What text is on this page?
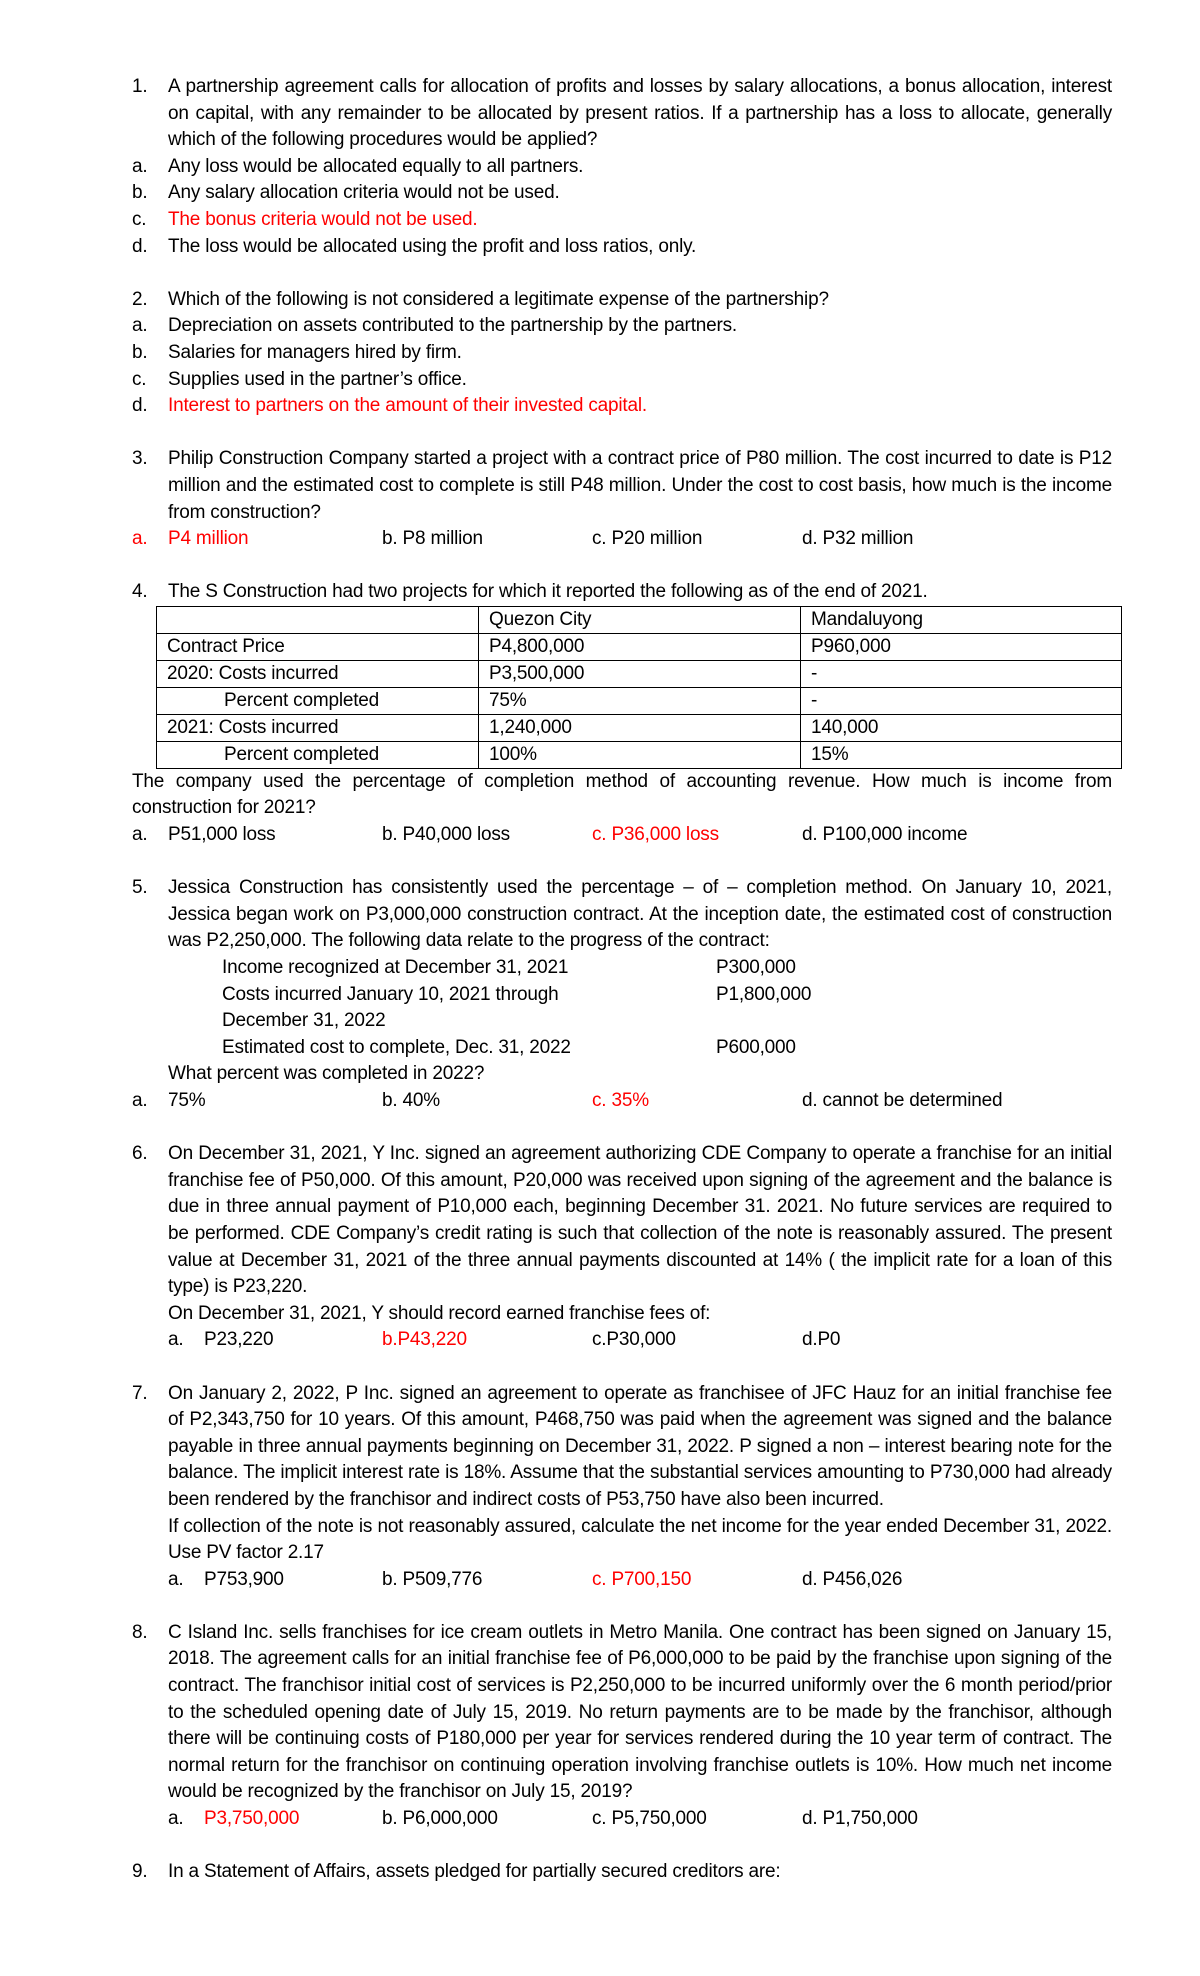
1. A partnership agreement calls for allocation of profits and losses by salary allocations, a bonus allocation, interest on capital, with any remainder to be allocated by present ratios. If a partnership has a loss to allocate, generally which of the following procedures would be applied?
a. Any loss would be allocated equally to all partners.
b. Any salary allocation criteria would not be used.
c. The bonus criteria would not be used.
d. The loss would be allocated using the profit and loss ratios, only.
2. Which of the following is not considered a legitimate expense of the partnership?
a. Depreciation on assets contributed to the partnership by the partners.
b. Salaries for managers hired by firm.
c. Supplies used in the partner’s office.
d. Interest to partners on the amount of their invested capital.
3. Philip Construction Company started a project with a contract price of P80 million. The cost incurred to date is P12 million and the estimated cost to complete is still P48 million. Under the cost to cost basis, how much is the income from construction?
a. P4 million	b. P8 million	c. P20 million	d. P32 million
4. The S Construction had two projects for which it reported the following as of the end of 2021.
	Quezon City	Mandaluyong
Contract Price	P4,800,000	P960,000
2020: Costs incurred	P3,500,000	-
Percent completed	75%	-
2021: Costs incurred	1,240,000	140,000
Percent completed	100%	15%
The company used the percentage of completion method of accounting revenue. How much is income from construction for 2021?
a. P51,000 loss	b. P40,000 loss	c. P36,000 loss	d. P100,000 income
5. Jessica Construction has consistently used the percentage – of – completion method. On January 10, 2021, Jessica began work on P3,000,000 construction contract. At the inception date, the estimated cost of construction was P2,250,000. The following data relate to the progress of the contract:
Income recognized at December 31, 2021	P300,000
Costs incurred January 10, 2021 through	P1,800,000
December 31, 2022
Estimated cost to complete, Dec. 31, 2022	P600,000
What percent was completed in 2022?
a. 75%	b. 40%	c. 35%	d. cannot be determined
6. On December 31, 2021, Y Inc. signed an agreement authorizing CDE Company to operate a franchise for an initial franchise fee of P50,000. Of this amount, P20,000 was received upon signing of the agreement and the balance is due in three annual payment of P10,000 each, beginning December 31. 2021. No future services are required to be performed. CDE Company’s credit rating is such that collection of the note is reasonably assured. The present value at December 31, 2021 of the three annual payments discounted at 14% ( the implicit rate for a loan of this type) is P23,220.
On December 31, 2021, Y should record earned franchise fees of:
a. P23,220	b.P43,220	c.P30,000	d.P0
7. On January 2, 2022, P Inc. signed an agreement to operate as franchisee of JFC Hauz for an initial franchise fee of P2,343,750 for 10 years. Of this amount, P468,750 was paid when the agreement was signed and the balance payable in three annual payments beginning on December 31, 2022. P signed a non – interest bearing note for the balance. The implicit interest rate is 18%. Assume that the substantial services amounting to P730,000 had already been rendered by the franchisor and indirect costs of P53,750 have also been incurred.
If collection of the note is not reasonably assured, calculate the net income for the year ended December 31, 2022. Use PV factor 2.17
a. P753,900	b. P509,776	c. P700,150	d. P456,026
8. C Island Inc. sells franchises for ice cream outlets in Metro Manila. One contract has been signed on January 15, 2018. The agreement calls for an initial franchise fee of P6,000,000 to be paid by the franchise upon signing of the contract. The franchisor initial cost of services is P2,250,000 to be incurred uniformly over the 6 month period/prior to the scheduled opening date of July 15, 2019. No return payments are to be made by the franchisor, although there will be continuing costs of P180,000 per year for services rendered during the 10 year term of contract. The normal return for the franchisor on continuing operation involving franchise outlets is 10%. How much net income would be recognized by the franchisor on July 15, 2019?
a. P3,750,000	b. P6,000,000	c. P5,750,000	d. P1,750,000
9. In a Statement of Affairs, assets pledged for partially secured creditors are:
